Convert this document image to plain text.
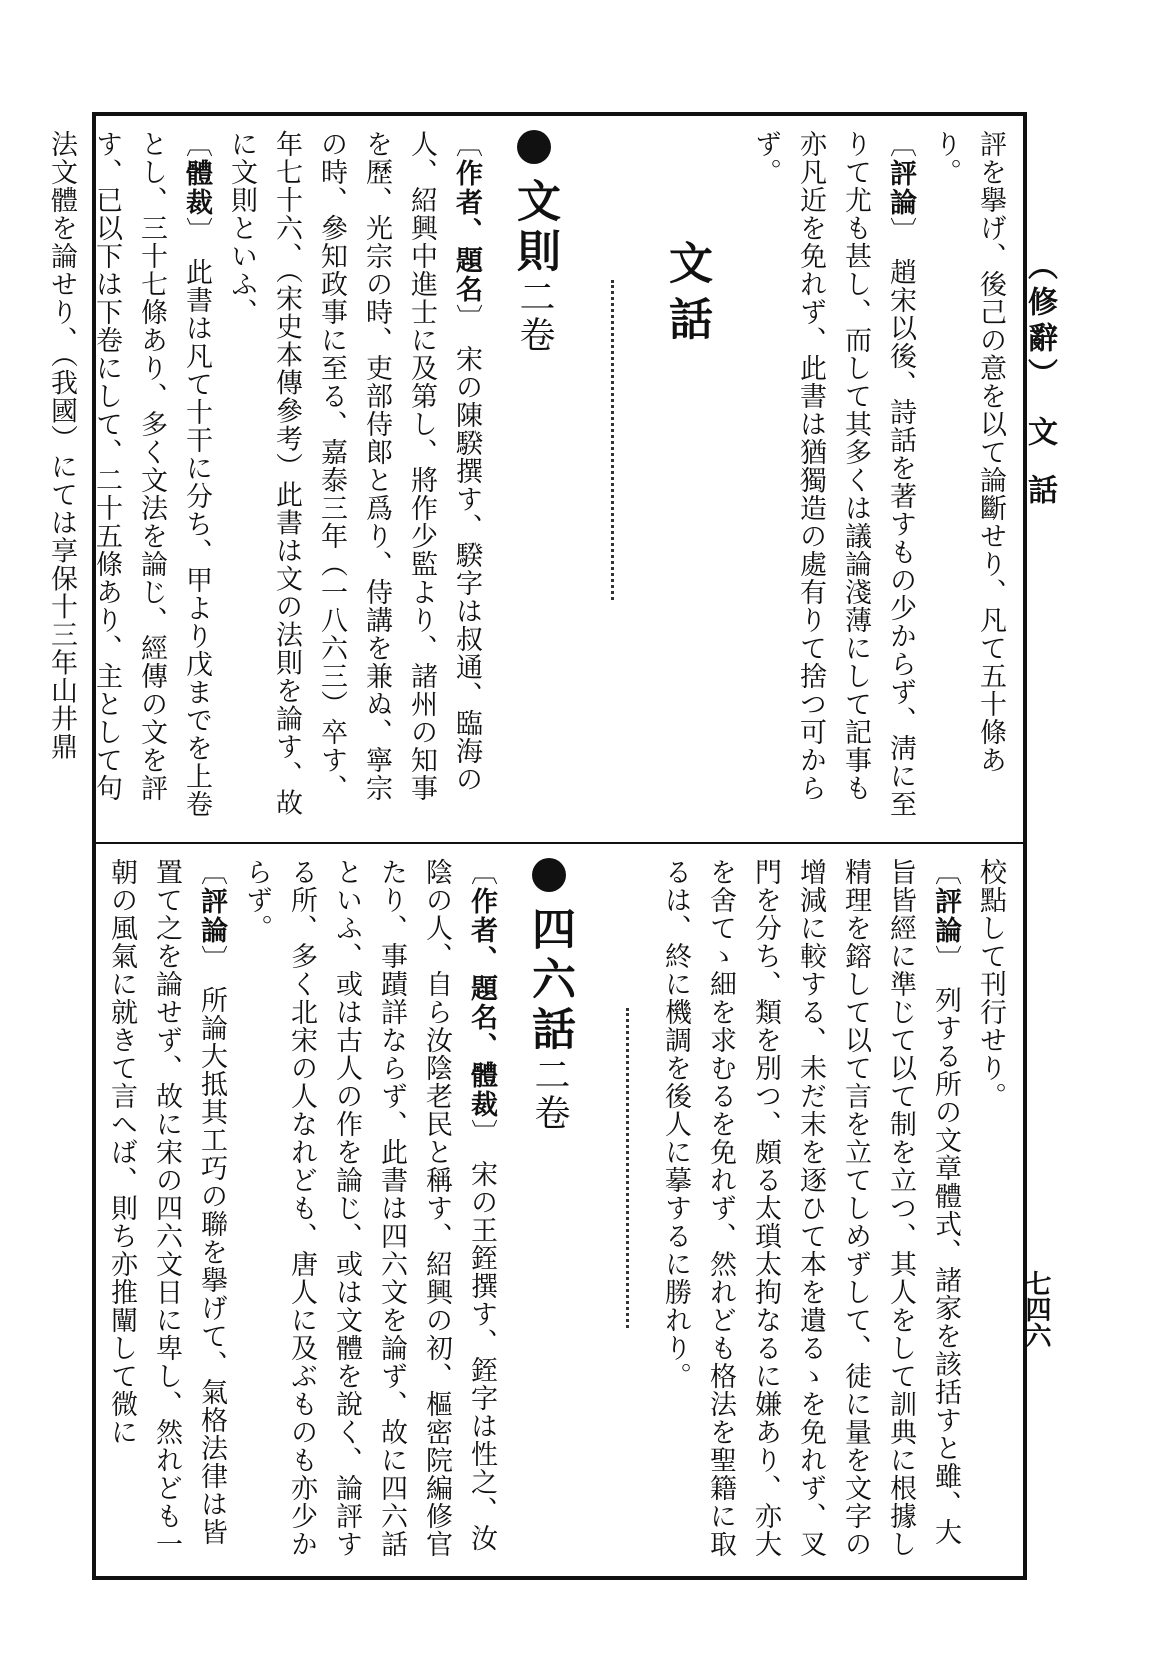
（修辭）文話
七四六

評を擧げ、後己の意を以て論斷せり、凡て五十條あり。

〔 評論 〕趙宋以後、詩話を著すもの少からず、淸に至りて尤も甚し、而して其多くは議論淺薄にして記事も亦凡近を免れず、此書は猶獨造の處有りて捨つ可からず。

文話

文則二卷

〔 作者、題名 〕宋の陳騤撰す、騤字は叔通、臨海の人、紹興中進士に及第し、將作少監より、諸州の知事を歷、光宗の時、吏部侍郞と爲り、侍講を兼ぬ、寧宗の時、參知政事に至る、嘉泰三年（一八六三）卒す、年七十六、（宋史本傳參考）此書は文の法則を論す、故に文則といふ、

〔 體裁 〕此書は凡て十干に分ち、甲より戊までを上卷とし、三十七條あり、多く文法を論じ、經傳の文を評す、已以下は下卷にして、二十五條あり、主として句法文體を論せり、（我國）にては享保十三年山井鼎

校點して刊行せり。

〔 評論 〕列する所の文章體式、諸家を該括すと雖、大旨皆經に準じて以て制を立つ、其人をして訓典に根據し精理を鎔して以て言を立てしめずして、徒に量を文字の增減に較する、未だ末を逐ひて本を遺るゝを免れず、叉門を分ち、類を別つ、頗る太瑣太拘なるに嫌あり、亦大を舍てゝ細を求むるを免れず、然れども格法を聖籍に取るは、終に機調を後人に摹するに勝れり。

四六話二卷

〔 作者、題名、體裁 〕宋の王銍撰す、銍字は性之、汝陰の人、自ら汝陰老民と稱す、紹興の初、樞密院編修官たり、事蹟詳ならず、此書は四六文を論ず、故に四六話といふ、或は古人の作を論じ、或は文體を說く、論評する所、多く北宋の人なれども、唐人に及ぶものも亦少からず。

〔 評論 〕所論大抵其工巧の聯を擧げて、氣格法律は皆置て之を論せず、故に宋の四六文日に卑し、然れども一朝の風氣に就きて言へば、則ち亦推闡して微に
